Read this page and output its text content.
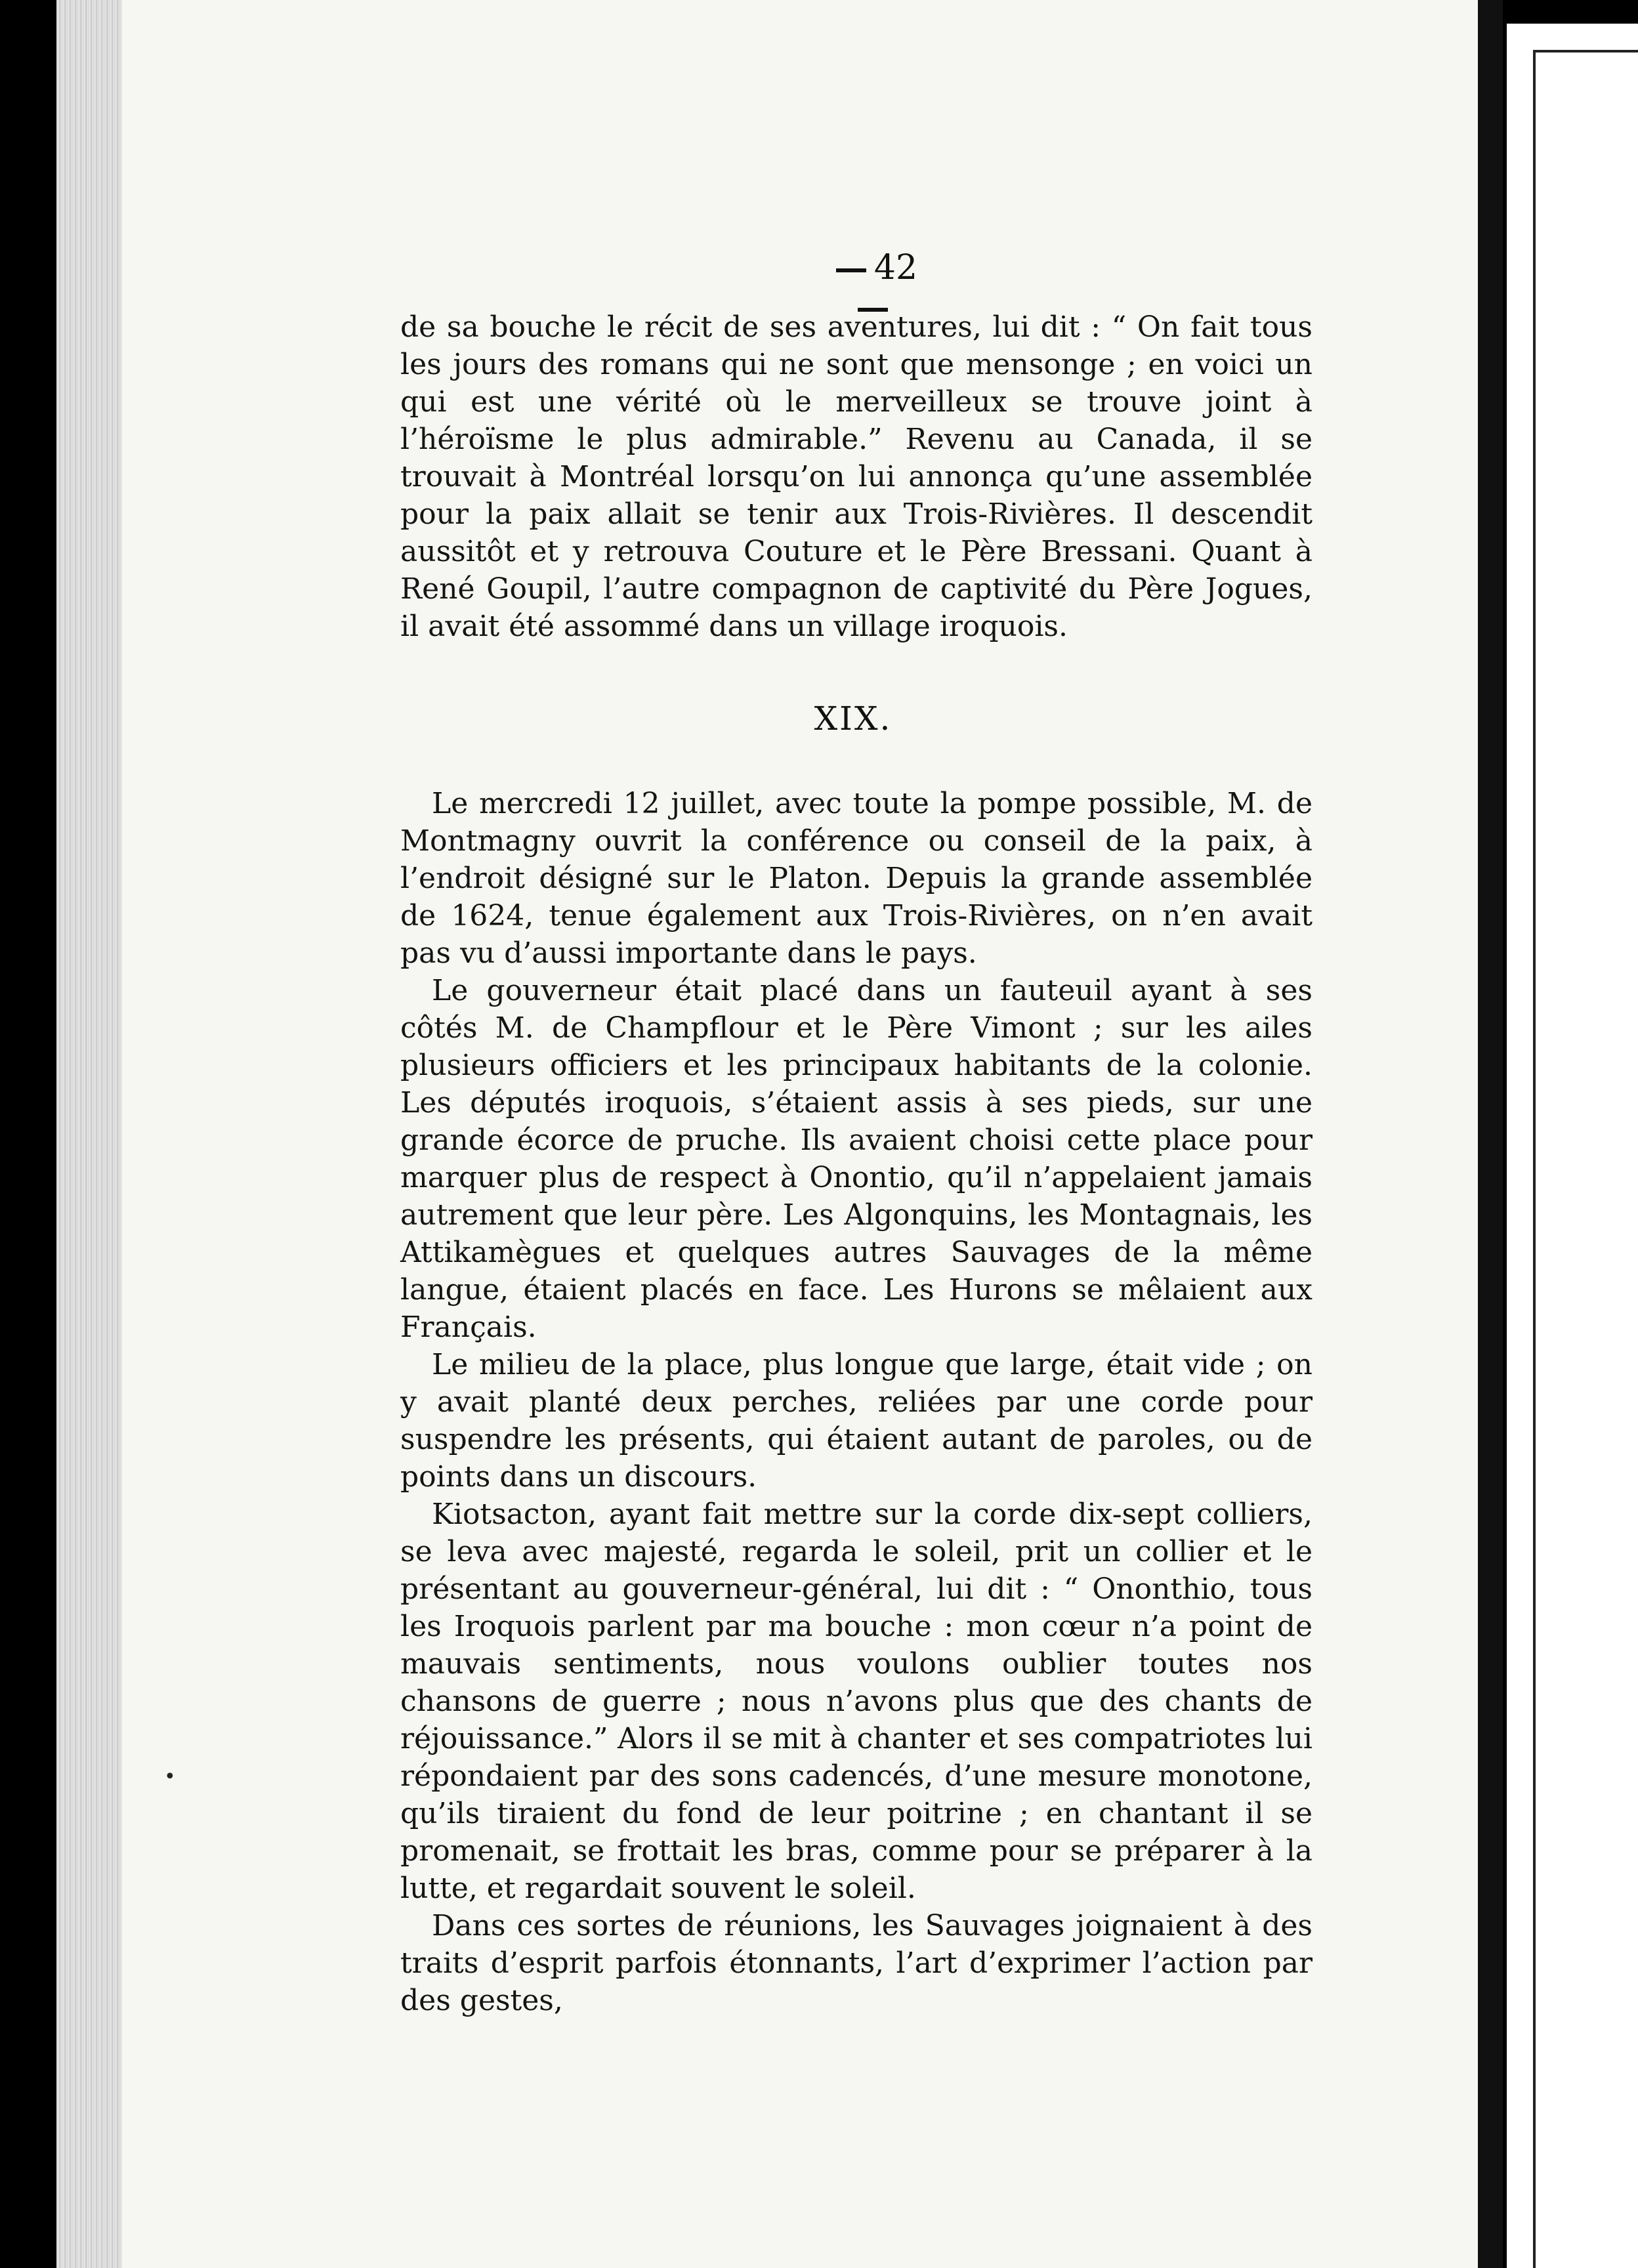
42

de sa bouche le récit de ses aventures, lui dit : “ On fait tous les jours des romans qui ne sont que mensonge ; en voici un qui est une vérité où le merveilleux se trouve joint à l’héroïsme le plus admirable.” Revenu au Canada, il se trouvait à Montréal lorsqu’on lui annonça qu’une assemblée pour la paix allait se tenir aux Trois-Rivières. Il descendit aussitôt et y retrouva Couture et le Père Bressani. Quant à René Goupil, l’autre compagnon de captivité du Père Jogues, il avait été assommé dans un village iroquois.

XIX.

Le mercredi 12 juillet, avec toute la pompe possible, M. de Montmagny ouvrit la conférence ou conseil de la paix, à l’endroit désigné sur le Platon. Depuis la grande assemblée de 1624, tenue également aux Trois-Rivières, on n’en avait pas vu d’aussi importante dans le pays.

Le gouverneur était placé dans un fauteuil ayant à ses côtés M. de Champflour et le Père Vimont ; sur les ailes plusieurs officiers et les principaux habitants de la colonie. Les députés iroquois, s’étaient assis à ses pieds, sur une grande écorce de pruche. Ils avaient choisi cette place pour marquer plus de respect à Onontio, qu’il n’appelaient jamais autrement que leur père. Les Algonquins, les Montagnais, les Attikamègues et quelques autres Sauvages de la même langue, étaient placés en face. Les Hurons se mêlaient aux Français.

Le milieu de la place, plus longue que large, était vide ; on y avait planté deux perches, reliées par une corde pour suspendre les présents, qui étaient autant de paroles, ou de points dans un discours.

Kiotsacton, ayant fait mettre sur la corde dix-sept colliers, se leva avec majesté, regarda le soleil, prit un collier et le présentant au gouverneur-général, lui dit : “ Ononthio, tous les Iroquois parlent par ma bouche : mon cœur n’a point de mauvais sentiments, nous voulons oublier toutes nos chansons de guerre ; nous n’avons plus que des chants de réjouissance.” Alors il se mit à chanter et ses compatriotes lui répondaient par des sons cadencés, d’une mesure monotone, qu’ils tiraient du fond de leur poitrine ; en chantant il se promenait, se frottait les bras, comme pour se préparer à la lutte, et regardait souvent le soleil.

Dans ces sortes de réunions, les Sauvages joignaient à des traits d’esprit parfois étonnants, l’art d’exprimer l’action par des gestes,

•
